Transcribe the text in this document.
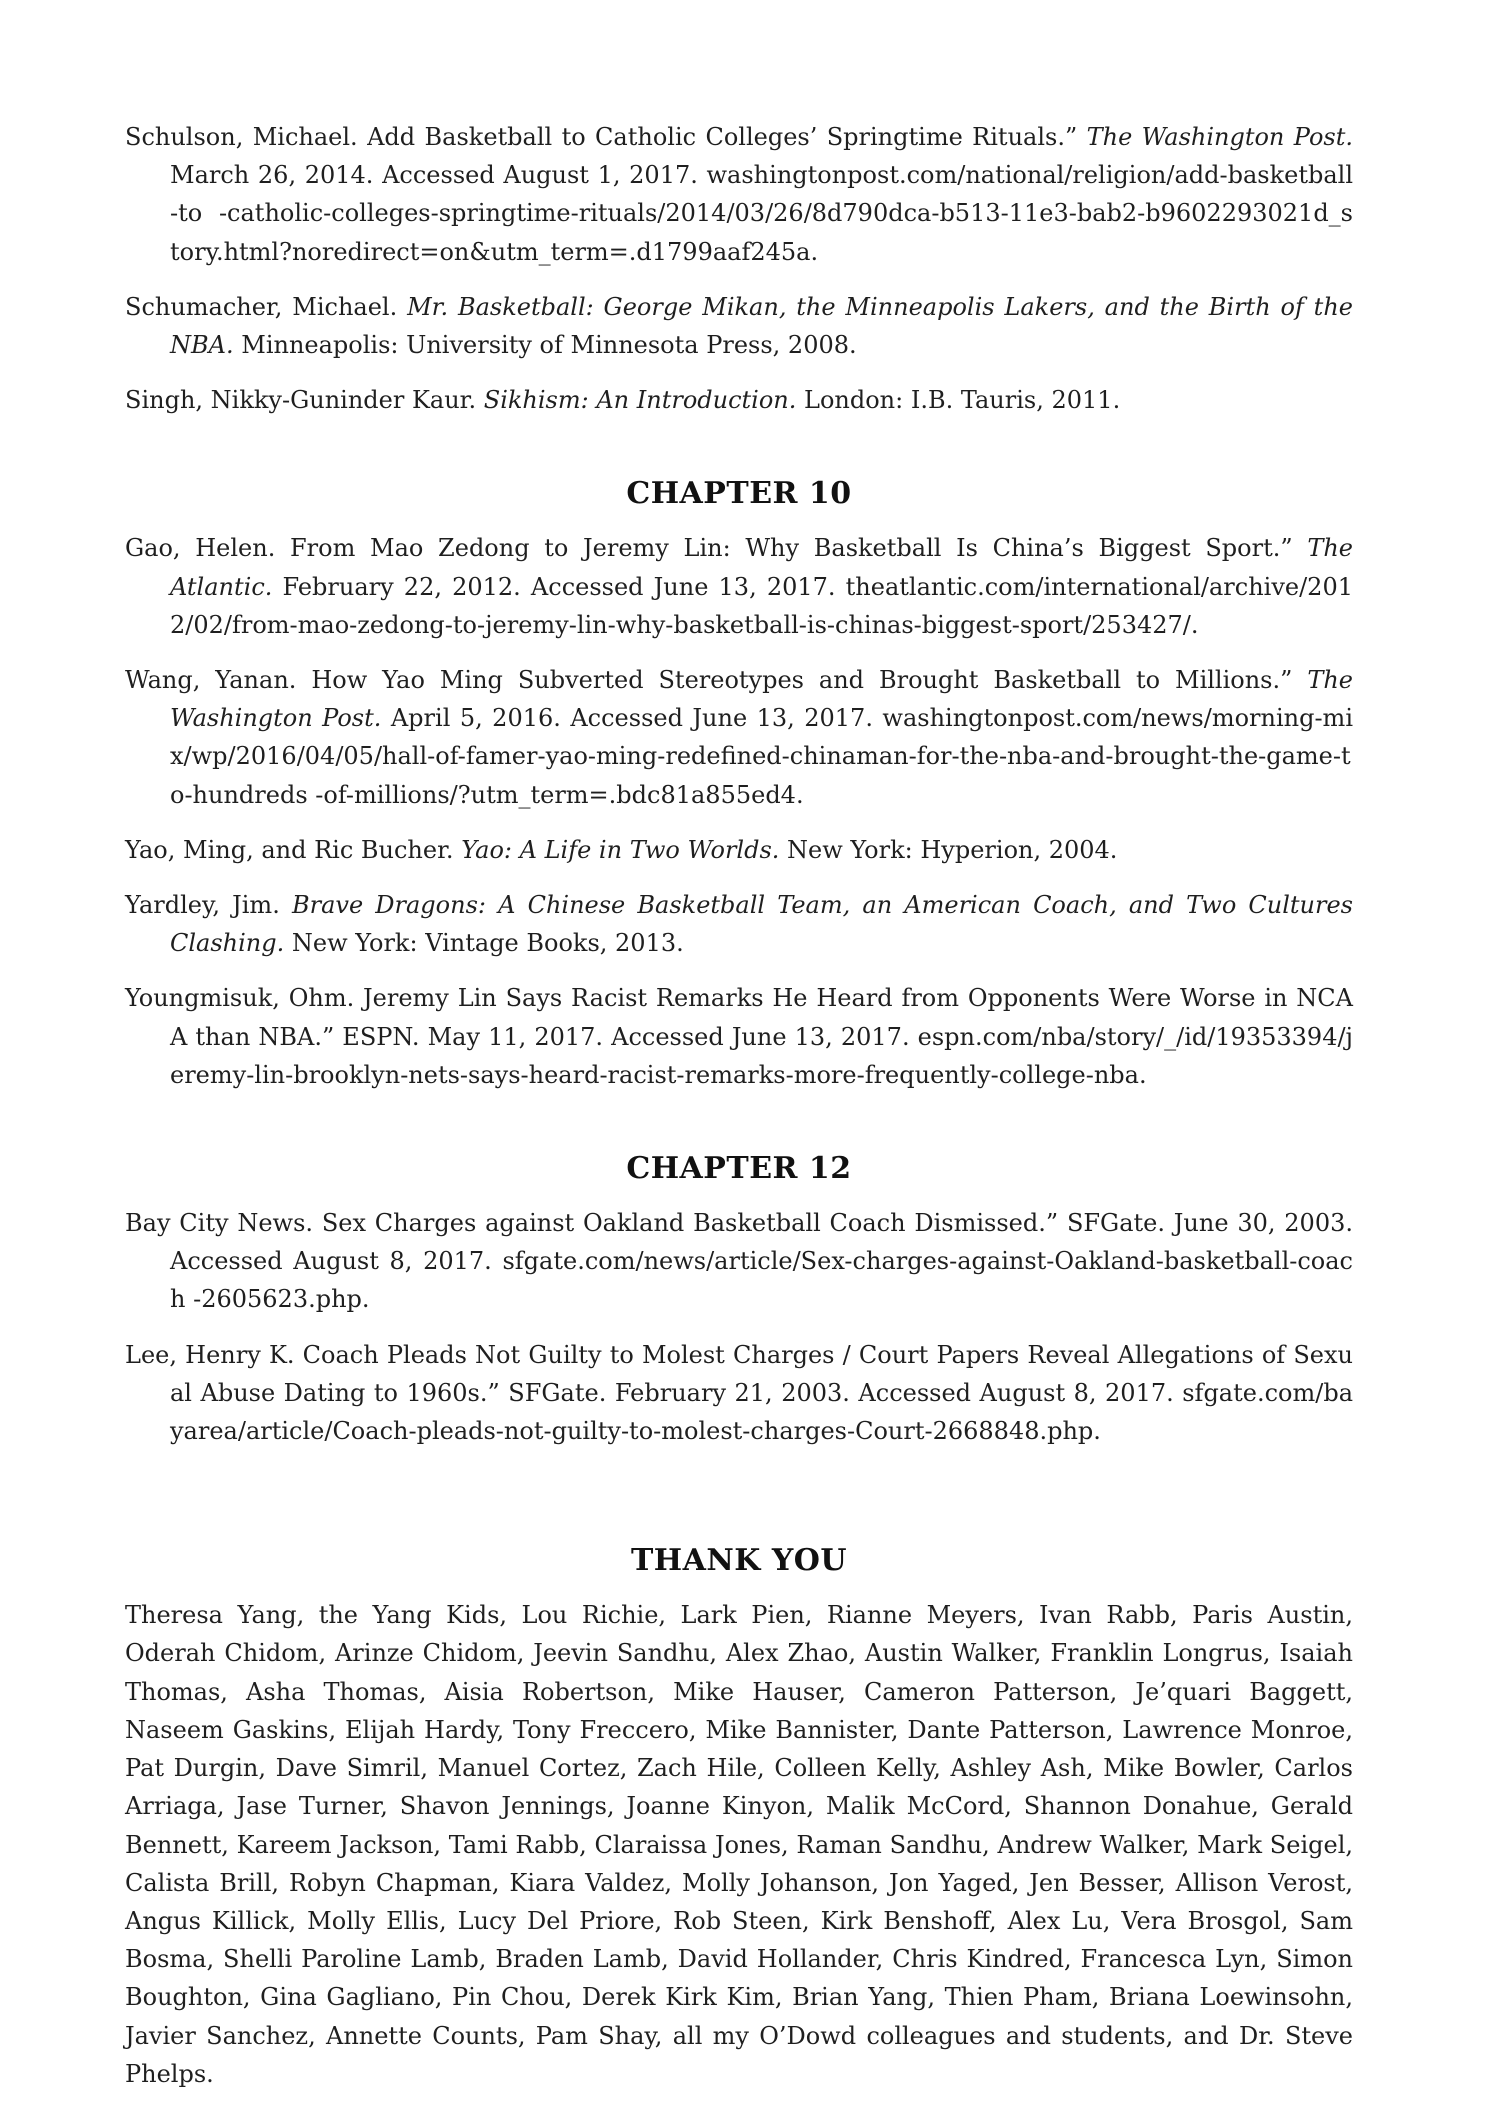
Schulson, Michael. Add Basketball to Catholic Colleges’ Springtime Rituals.” The Washington Post. March 26, 2014. Accessed August 1, 2017. washingtonpost.com/national/religion/add-basketball-to -catholic-colleges-springtime-rituals/2014/03/26/8d790dca-b513-11e3-bab2-b9602293021d_story.html?noredirect=on&utm_term=.d1799aaf245a.

Schumacher, Michael. Mr. Basketball: George Mikan, the Minneapolis Lakers, and the Birth of the NBA. Minneapolis: University of Minnesota Press, 2008.

Singh, Nikky-Guninder Kaur. Sikhism: An Introduction. London: I.B. Tauris, 2011.

CHAPTER 10

Gao, Helen. From Mao Zedong to Jeremy Lin: Why Basketball Is China’s Biggest Sport.” The Atlantic. February 22, 2012. Accessed June 13, 2017. theatlantic.com/international/archive/2012/02/from-mao-zedong-to-jeremy-lin-why-basketball-is-chinas-biggest-sport/253427/.

Wang, Yanan. How Yao Ming Subverted Stereotypes and Brought Basketball to Millions.” The Washington Post. April 5, 2016. Accessed June 13, 2017. washingtonpost.com/news/morning-mix/wp/2016/04/05/hall-of-famer-yao-ming-redefined-chinaman-for-the-nba-and-brought-the-game-to-hundreds -of-millions/?utm_term=.bdc81a855ed4.

Yao, Ming, and Ric Bucher. Yao: A Life in Two Worlds. New York: Hyperion, 2004.

Yardley, Jim. Brave Dragons: A Chinese Basketball Team, an American Coach, and Two Cultures Clashing. New York: Vintage Books, 2013.

Youngmisuk, Ohm. Jeremy Lin Says Racist Remarks He Heard from Opponents Were Worse in NCAA than NBA.” ESPN. May 11, 2017. Accessed June 13, 2017. espn.com/nba/story/_/id/19353394/jeremy-lin-brooklyn-nets-says-heard-racist-remarks-more-frequently-college-nba.

CHAPTER 12

Bay City News. Sex Charges against Oakland Basketball Coach Dismissed.” SFGate. June 30, 2003. Accessed August 8, 2017. sfgate.com/news/article/Sex-charges-against-Oakland-basketball-coach -2605623.php.

Lee, Henry K. Coach Pleads Not Guilty to Molest Charges / Court Papers Reveal Allegations of Sexual Abuse Dating to 1960s.” SFGate. February 21, 2003. Accessed August 8, 2017. sfgate.com/bayarea/article/Coach-pleads-not-guilty-to-molest-charges-Court-2668848.php.

THANK YOU

Theresa Yang, the Yang Kids, Lou Richie, Lark Pien, Rianne Meyers, Ivan Rabb, Paris Austin, Oderah Chidom, Arinze Chidom, Jeevin Sandhu, Alex Zhao, Austin Walker, Franklin Longrus, Isaiah Thomas, Asha Thomas, Aisia Robertson, Mike Hauser, Cameron Patterson, Je’quari Baggett, Naseem Gaskins, Elijah Hardy, Tony Freccero, Mike Bannister, Dante Patterson, Lawrence Monroe, Pat Durgin, Dave Simril, Manuel Cortez, Zach Hile, Colleen Kelly, Ashley Ash, Mike Bowler, Carlos Arriaga, Jase Turner, Shavon Jennings, Joanne Kinyon, Malik McCord, Shannon Donahue, Gerald Bennett, Kareem Jackson, Tami Rabb, Claraissa Jones, Raman Sandhu, Andrew Walker, Mark Seigel, Calista Brill, Robyn Chapman, Kiara Valdez, Molly Johanson, Jon Yaged, Jen Besser, Allison Verost, Angus Killick, Molly Ellis, Lucy Del Priore, Rob Steen, Kirk Benshoff, Alex Lu, Vera Brosgol, Sam Bosma, Shelli Paroline Lamb, Braden Lamb, David Hollander, Chris Kindred, Francesca Lyn, Simon Boughton, Gina Gagliano, Pin Chou, Derek Kirk Kim, Brian Yang, Thien Pham, Briana Loewinsohn, Javier Sanchez, Annette Counts, Pam Shay, all my O’Dowd colleagues and students, and Dr. Steve Phelps.
